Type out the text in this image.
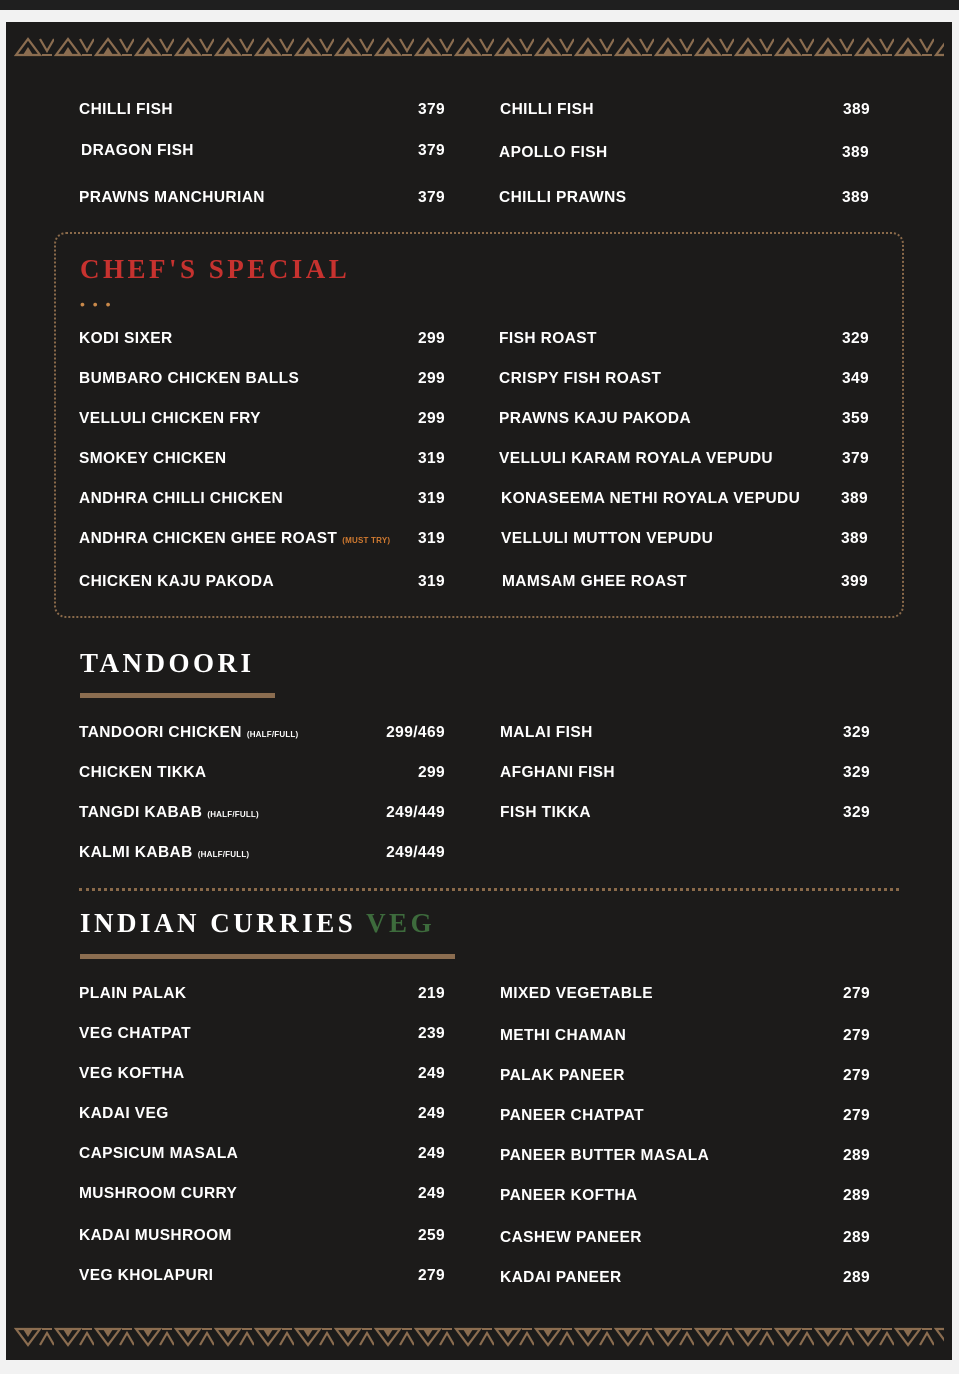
CHILLI FISH	379
DRAGON FISH	379
PRAWNS MANCHURIAN	379
CHILLI FISH	389
APOLLO FISH	389
CHILLI PRAWNS	389
CHEF'S SPECIAL
• • •
KODI SIXER	299
BUMBARO CHICKEN BALLS	299
VELLULI CHICKEN FRY	299
SMOKEY CHICKEN	319
ANDHRA CHILLI CHICKEN	319
ANDHRA CHICKEN GHEE ROAST (MUST TRY) 319
CHICKEN KAJU PAKODA	319
FISH ROAST	329
CRISPY FISH ROAST	349
PRAWNS KAJU PAKODA	359
VELLULI KARAM ROYALA VEPUDU	379
KONASEEMA NETHI ROYALA VEPUDU	389
VELLULI MUTTON VEPUDU	389
MAMSAM GHEE ROAST	399
TANDOORI
TANDOORI CHICKEN (HALF/FULL)	299/469
CHICKEN TIKKA	299
TANGDI KABAB (HALF/FULL)	249/449
KALMI KABAB (HALF/FULL)	249/449
MALAI FISH	329
AFGHANI FISH	329
FISH TIKKA	329
INDIAN CURRIES VEG
PLAIN PALAK	219
VEG CHATPAT	239
VEG KOFTHA	249
KADAI VEG	249
CAPSICUM MASALA	249
MUSHROOM CURRY	249
KADAI MUSHROOM	259
VEG KHOLAPURI	279
MIXED VEGETABLE	279
METHI CHAMAN	279
PALAK PANEER	279
PANEER CHATPAT	279
PANEER BUTTER MASALA	289
PANEER KOFTHA	289
CASHEW PANEER	289
KADAI PANEER	289
